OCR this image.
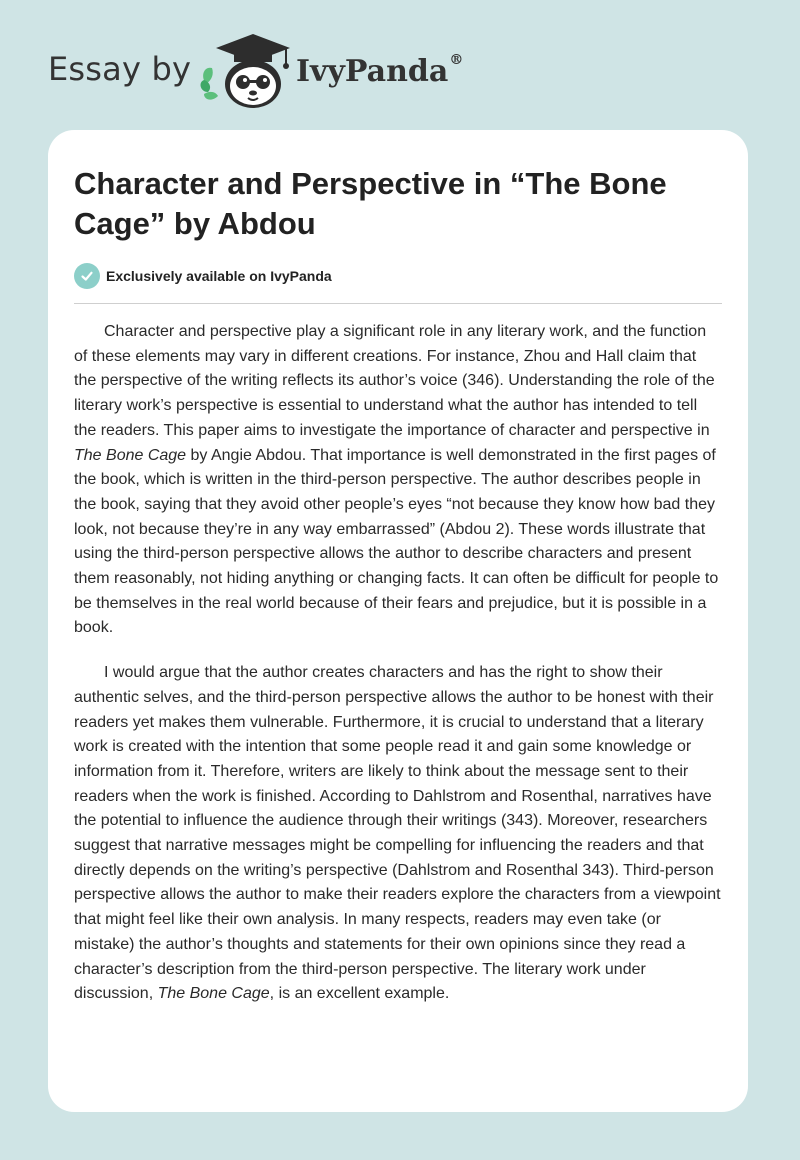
Essay by	IvyPanda®
Character and Perspective in “The Bone Cage” by Abdou
Exclusively available on IvyPanda

Character and perspective play a significant role in any literary work, and the function of these elements may vary in different creations. For instance, Zhou and Hall claim that the perspective of the writing reflects its author’s voice (346). Understanding the role of the literary work’s perspective is essential to understand what the author has intended to tell the readers. This paper aims to investigate the importance of character and perspective in The Bone Cage by Angie Abdou. That importance is well demonstrated in the first pages of the book, which is written in the third-person perspective. The author describes people in the book, saying that they avoid other people’s eyes “not because they know how bad they look, not because they’re in any way embarrassed” (Abdou 2). These words illustrate that using the third-person perspective allows the author to describe characters and present them reasonably, not hiding anything or changing facts. It can often be difficult for people to be themselves in the real world because of their fears and prejudice, but it is possible in a book.

I would argue that the author creates characters and has the right to show their authentic selves, and the third-person perspective allows the author to be honest with their readers yet makes them vulnerable. Furthermore, it is crucial to understand that a literary work is created with the intention that some people read it and gain some knowledge or information from it. Therefore, writers are likely to think about the message sent to their readers when the work is finished. According to Dahlstrom and Rosenthal, narratives have the potential to influence the audience through their writings (343). Moreover, researchers suggest that narrative messages might be compelling for influencing the readers and that directly depends on the writing’s perspective (Dahlstrom and Rosenthal 343). Third-person perspective allows the author to make their readers explore the characters from a viewpoint that might feel like their own analysis. In many respects, readers may even take (or mistake) the author’s thoughts and statements for their own opinions since they read a character’s description from the third-person perspective. The literary work under discussion, The Bone Cage, is an excellent example.
